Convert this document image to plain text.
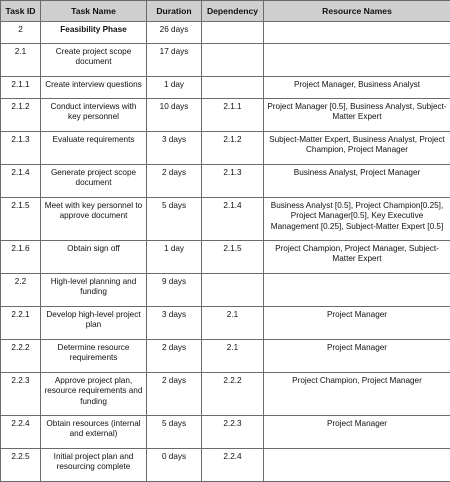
Task ID	Task Name	Duration	Dependency	Resource Names
2	Feasibility Phase	26 days		
2.1	Create project scope document	17 days		
2.1.1	Create interview questions	1 day		Project Manager, Business Analyst
2.1.2	Conduct interviews with key personnel	10 days	2.1.1	Project Manager [0.5], Business Analyst, Subject-Matter Expert
2.1.3	Evaluate requirements	3 days	2.1.2	Subject-Matter Expert, Business Analyst, Project Champion, Project Manager
2.1.4	Generate project scope document	2 days	2.1.3	Business Analyst, Project Manager
2.1.5	Meet with key personnel to approve document	5 days	2.1.4	Business Analyst [0.5], Project Champion[0.25], Project Manager[0.5], Key Executive Management [0.25], Subject-Matter Expert [0.5]
2.1.6	Obtain sign off	1 day	2.1.5	Project Champion, Project Manager, Subject-Matter Expert
2.2	High-level planning and funding	9 days		
2.2.1	Develop high-level project plan	3 days	2.1	Project Manager
2.2.2	Determine resource requirements	2 days	2.1	Project Manager
2.2.3	Approve project plan, resource requirements and funding	2 days	2.2.2	Project Champion, Project Manager
2.2.4	Obtain resources (internal and external)	5 days	2.2.3	Project Manager
2.2.5	Initial project plan and resourcing complete	0 days	2.2.4	
